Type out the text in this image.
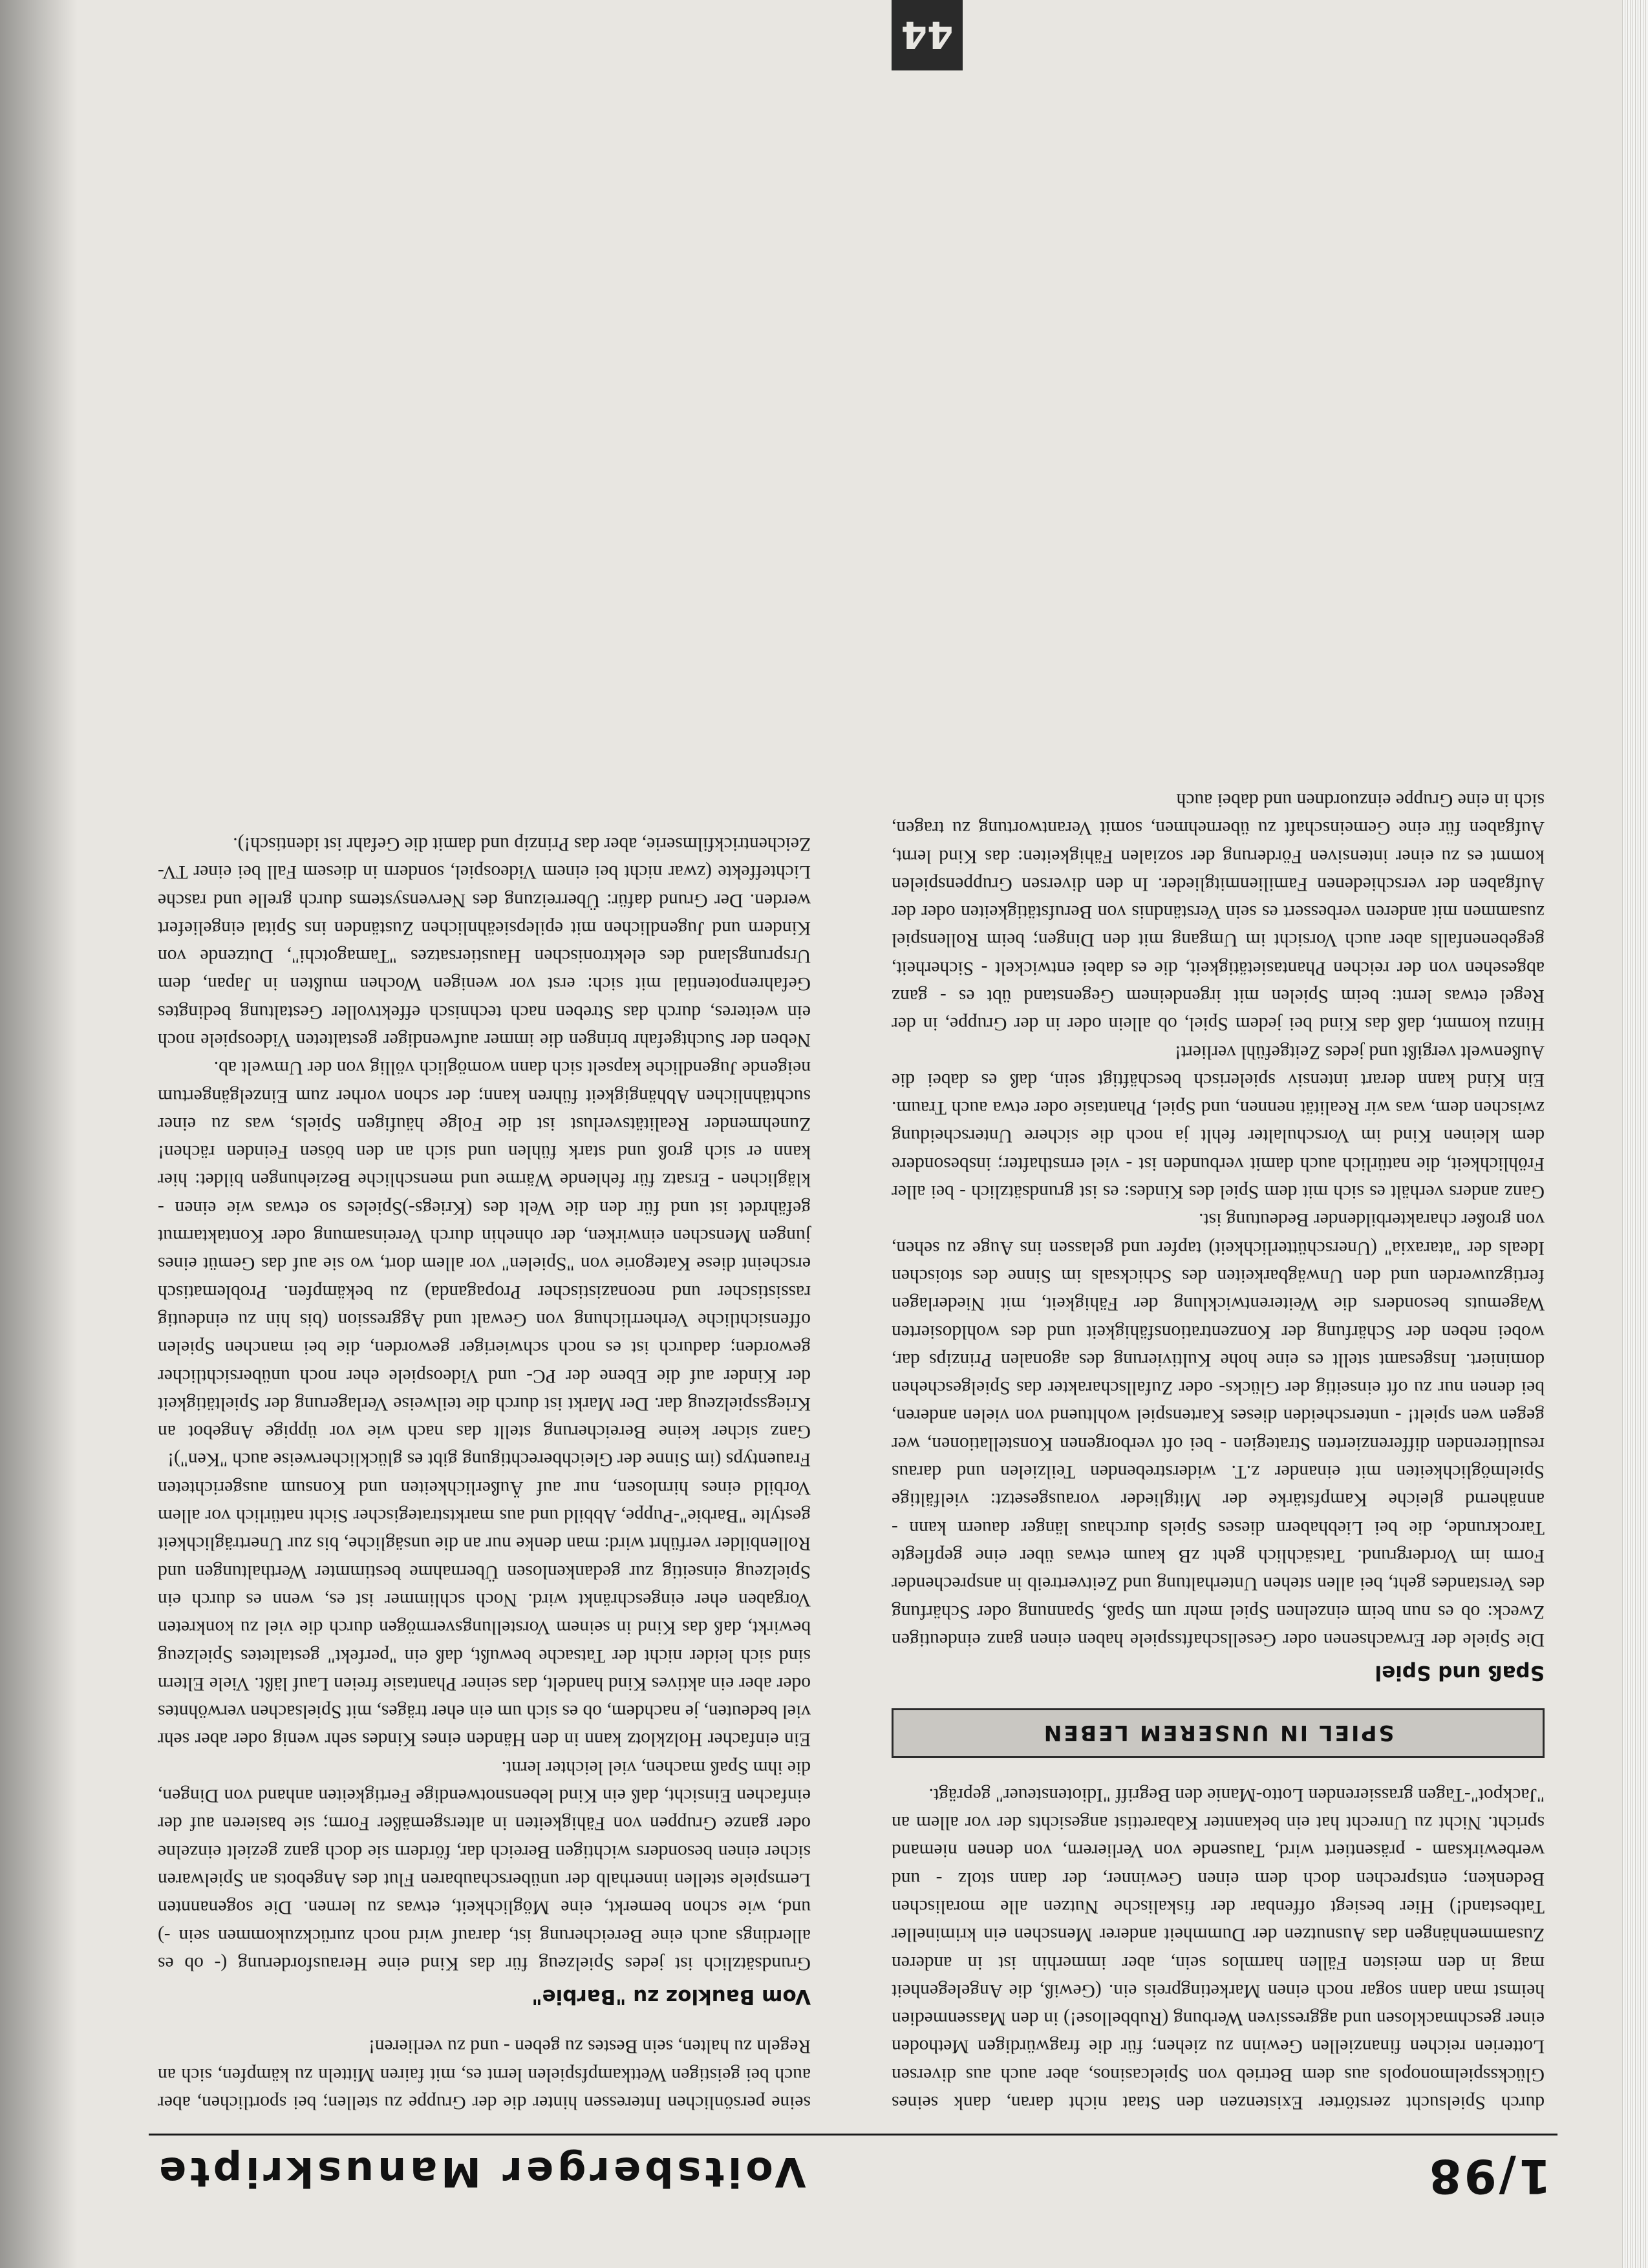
1/98
Voitsberger Manuskripte

durch Spielsucht zerstörter Existenzen den Staat nicht daran, dank seines Glücksspielmonopols aus dem Betrieb von Spielcasinos, aber auch aus diversen Lotterien reichen finanziellen Gewinn zu ziehen; für die fragwürdigen Methoden einer geschmacklosen und aggressiven Werbung (Rubbellose!) in den Massenmedien heimst man dann sogar noch einen Marketingpreis ein. (Gewiß, die Angelegenheit mag in den meisten Fällen harmlos sein, aber immerhin ist in anderen Zusammenhängen das Ausnutzen der Dummheit anderer Menschen ein krimineller Tatbestand!) Hier besiegt offenbar der fiskalische Nutzen alle moralischen Bedenken; entsprechen doch dem einen Gewinner, der dann stolz - und werbewirksam - präsentiert wird, Tausende von Verlierern, von denen niemand spricht. Nicht zu Unrecht hat ein bekannter Kabarettist angesichts der vor allem an "Jackpot"-Tagen grassierenden Lotto-Manie den Begriff "Idiotensteuer" geprägt.

SPIEL IN UNSEREM LEBEN
Spaß und Spiel

Die Spiele der Erwachsenen oder Gesellschaftsspiele haben einen ganz eindeutigen Zweck: ob es nun beim einzelnen Spiel mehr um Spaß, Spannung oder Schärfung des Verstandes geht, bei allen stehen Unterhaltung und Zeitvertreib in ansprechender Form im Vordergrund. Tatsächlich geht zB kaum etwas über eine gepflegte Tarockrunde, die bei Liebhabern dieses Spiels durchaus länger dauern kann - annähernd gleiche Kampfstärke der Mitglieder vorausgesetzt: vielfältige Spielmöglichkeiten mit einander z.T. widerstrebenden Teilzielen und daraus resultierenden differenzierten Strategien - bei oft verborgenen Konstellationen, wer gegen wen spielt! - unterscheiden dieses Kartenspiel wohltuend von vielen anderen, bei denen nur zu oft einseitig der Glücks- oder Zufallscharakter das Spielgeschehen dominiert. Insgesamt stellt es eine hohe Kultivierung des agonalen Prinzips dar, wobei neben der Schärfung der Konzentrationsfähigkeit und des wohldosierten Wagemuts besonders die Weiterentwicklung der Fähigkeit, mit Niederlagen fertigzuwerden und den Unwägbarkeiten des Schicksals im Sinne des stoischen Ideals der "ataraxia" (Unerschütterlichkeit) tapfer und gelassen ins Auge zu sehen, von großer charakterbildender Bedeutung ist.

Ganz anders verhält es sich mit dem Spiel des Kindes: es ist grundsätzlich - bei aller Fröhlichkeit, die natürlich auch damit verbunden ist - viel ernsthafter; insbesondere dem kleinen Kind im Vorschulalter fehlt ja noch die sichere Unterscheidung zwischen dem, was wir Realität nennen, und Spiel, Phantasie oder etwa auch Traum. Ein Kind kann derart intensiv spielerisch beschäftigt sein, daß es dabei die Außenwelt vergißt und jedes Zeitgefühl verliert!

Hinzu kommt, daß das Kind bei jedem Spiel, ob allein oder in der Gruppe, in der Regel etwas lernt: beim Spielen mit irgendeinem Gegenstand übt es - ganz abgesehen von der reichen Phantasietätigkeit, die es dabei entwickelt - Sicherheit, gegebenenfalls aber auch Vorsicht im Umgang mit den Dingen; beim Rollenspiel zusammen mit anderen verbessert es sein Verständnis von Berufstätigkeiten oder der Aufgaben der verschiedenen Familienmitglieder. In den diversen Gruppenspielen kommt es zu einer intensiven Förderung der sozialen Fähigkeiten: das Kind lernt, Aufgaben für eine Gemeinschaft zu übernehmen, somit Verantwortung zu tragen, sich in eine Gruppe einzuordnen und dabei auch

seine persönlichen Interessen hinter die der Gruppe zu stellen; bei sportlichen, aber auch bei geistigen Wettkampfspielen lernt es, mit fairen Mitteln zu kämpfen, sich an Regeln zu halten, sein Bestes zu geben - und zu verlieren!

Vom Baukloz zu "Barbie"

Grundsätzlich ist jedes Spielzeug für das Kind eine Herausforderung (- ob es allerdings auch eine Bereicherung ist, darauf wird noch zurückzukommen sein -) und, wie schon bemerkt, eine Möglichkeit, etwas zu lernen. Die sogenannten Lernspiele stellen innerhalb der unüberschaubaren Flut des Angebots an Spielwaren sicher einen besonders wichtigen Bereich dar, fördern sie doch ganz gezielt einzelne oder ganze Gruppen von Fähigkeiten in altersgemäßer Form; sie basieren auf der einfachen Einsicht, daß ein Kind lebensnotwendige Fertigkeiten anhand von Dingen, die ihm Spaß machen, viel leichter lernt.

Ein einfacher Holzklotz kann in den Händen eines Kindes sehr wenig oder aber sehr viel bedeuten, je nachdem, ob es sich um ein eher träges, mit Spielsachen verwöhntes oder aber ein aktives Kind handelt, das seiner Phantasie freien Lauf läßt. Viele Eltern sind sich leider nicht der Tatsache bewußt, daß ein "perfekt" gestaltetes Spielzeug bewirkt, daß das Kind in seinem Vorstellungsvermögen durch die viel zu konkreten Vorgaben eher eingeschränkt wird. Noch schlimmer ist es, wenn es durch ein Spielzeug einseitig zur gedankenlosen Übernahme bestimmter Werthaltungen und Rollenbilder verführt wird: man denke nur an die unsägliche, bis zur Unerträglichkeit gestylte "Barbie"-Puppe, Abbild und aus marktstrategischer Sicht natürlich vor allem Vorbild eines hirnlosen, nur auf Äußerlichkeiten und Konsum ausgerichteten Frauentyps (im Sinne der Gleichberechtigung gibt es glücklicherweise auch "Ken")!

Ganz sicher keine Bereicherung stellt das nach wie vor üppige Angebot an Kriegsspielzeug dar. Der Markt ist durch die teilweise Verlagerung der Spieltätigkeit der Kinder auf die Ebene der PC- und Videospiele eher noch unübersichtlicher geworden; dadurch ist es noch schwieriger geworden, die bei manchen Spielen offensichtliche Verherrlichung von Gewalt und Aggression (bis hin zu eindeutig rassistischer und neonazistischer Propaganda) zu bekämpfen. Problematisch erscheint diese Kategorie von "Spielen" vor allem dort, wo sie auf das Gemüt eines jungen Menschen einwirken, der ohnehin durch Vereinsamung oder Kontaktarmut gefährdet ist und für den die Welt des (Kriegs-)Spieles so etwas wie einen - kläglichen - Ersatz für fehlende Wärme und menschliche Beziehungen bildet: hier kann er sich groß und stark fühlen und sich an den bösen Feinden rächen! Zunehmender Realitätsverlust ist die Folge häufigen Spiels, was zu einer suchtähnlichen Abhängigkeit führen kann; der schon vorher zum Einzelgängertum neigende Jugendliche kapselt sich dann womöglich völlig von der Umwelt ab.

Neben der Suchtgefahr bringen die immer aufwendiger gestalteten Videospiele noch ein weiteres, durch das Streben nach technisch effektvoller Gestaltung bedingtes Gefahrenpotential mit sich: erst vor wenigen Wochen mußten in Japan, dem Ursprungsland des elektronischen Haustiersatzes "Tamagotchi", Dutzende von Kindern und Jugendlichen mit epilepsieähnlichen Zuständen ins Spital eingeliefert werden. Der Grund dafür: Überreizung des Nervensystems durch grelle und rasche Lichteffekte (zwar nicht bei einem Videospiel, sondern in diesem Fall bei einer TV-Zeichentrickfilmserie, aber das Prinzip und damit die Gefahr ist identisch!).

44
